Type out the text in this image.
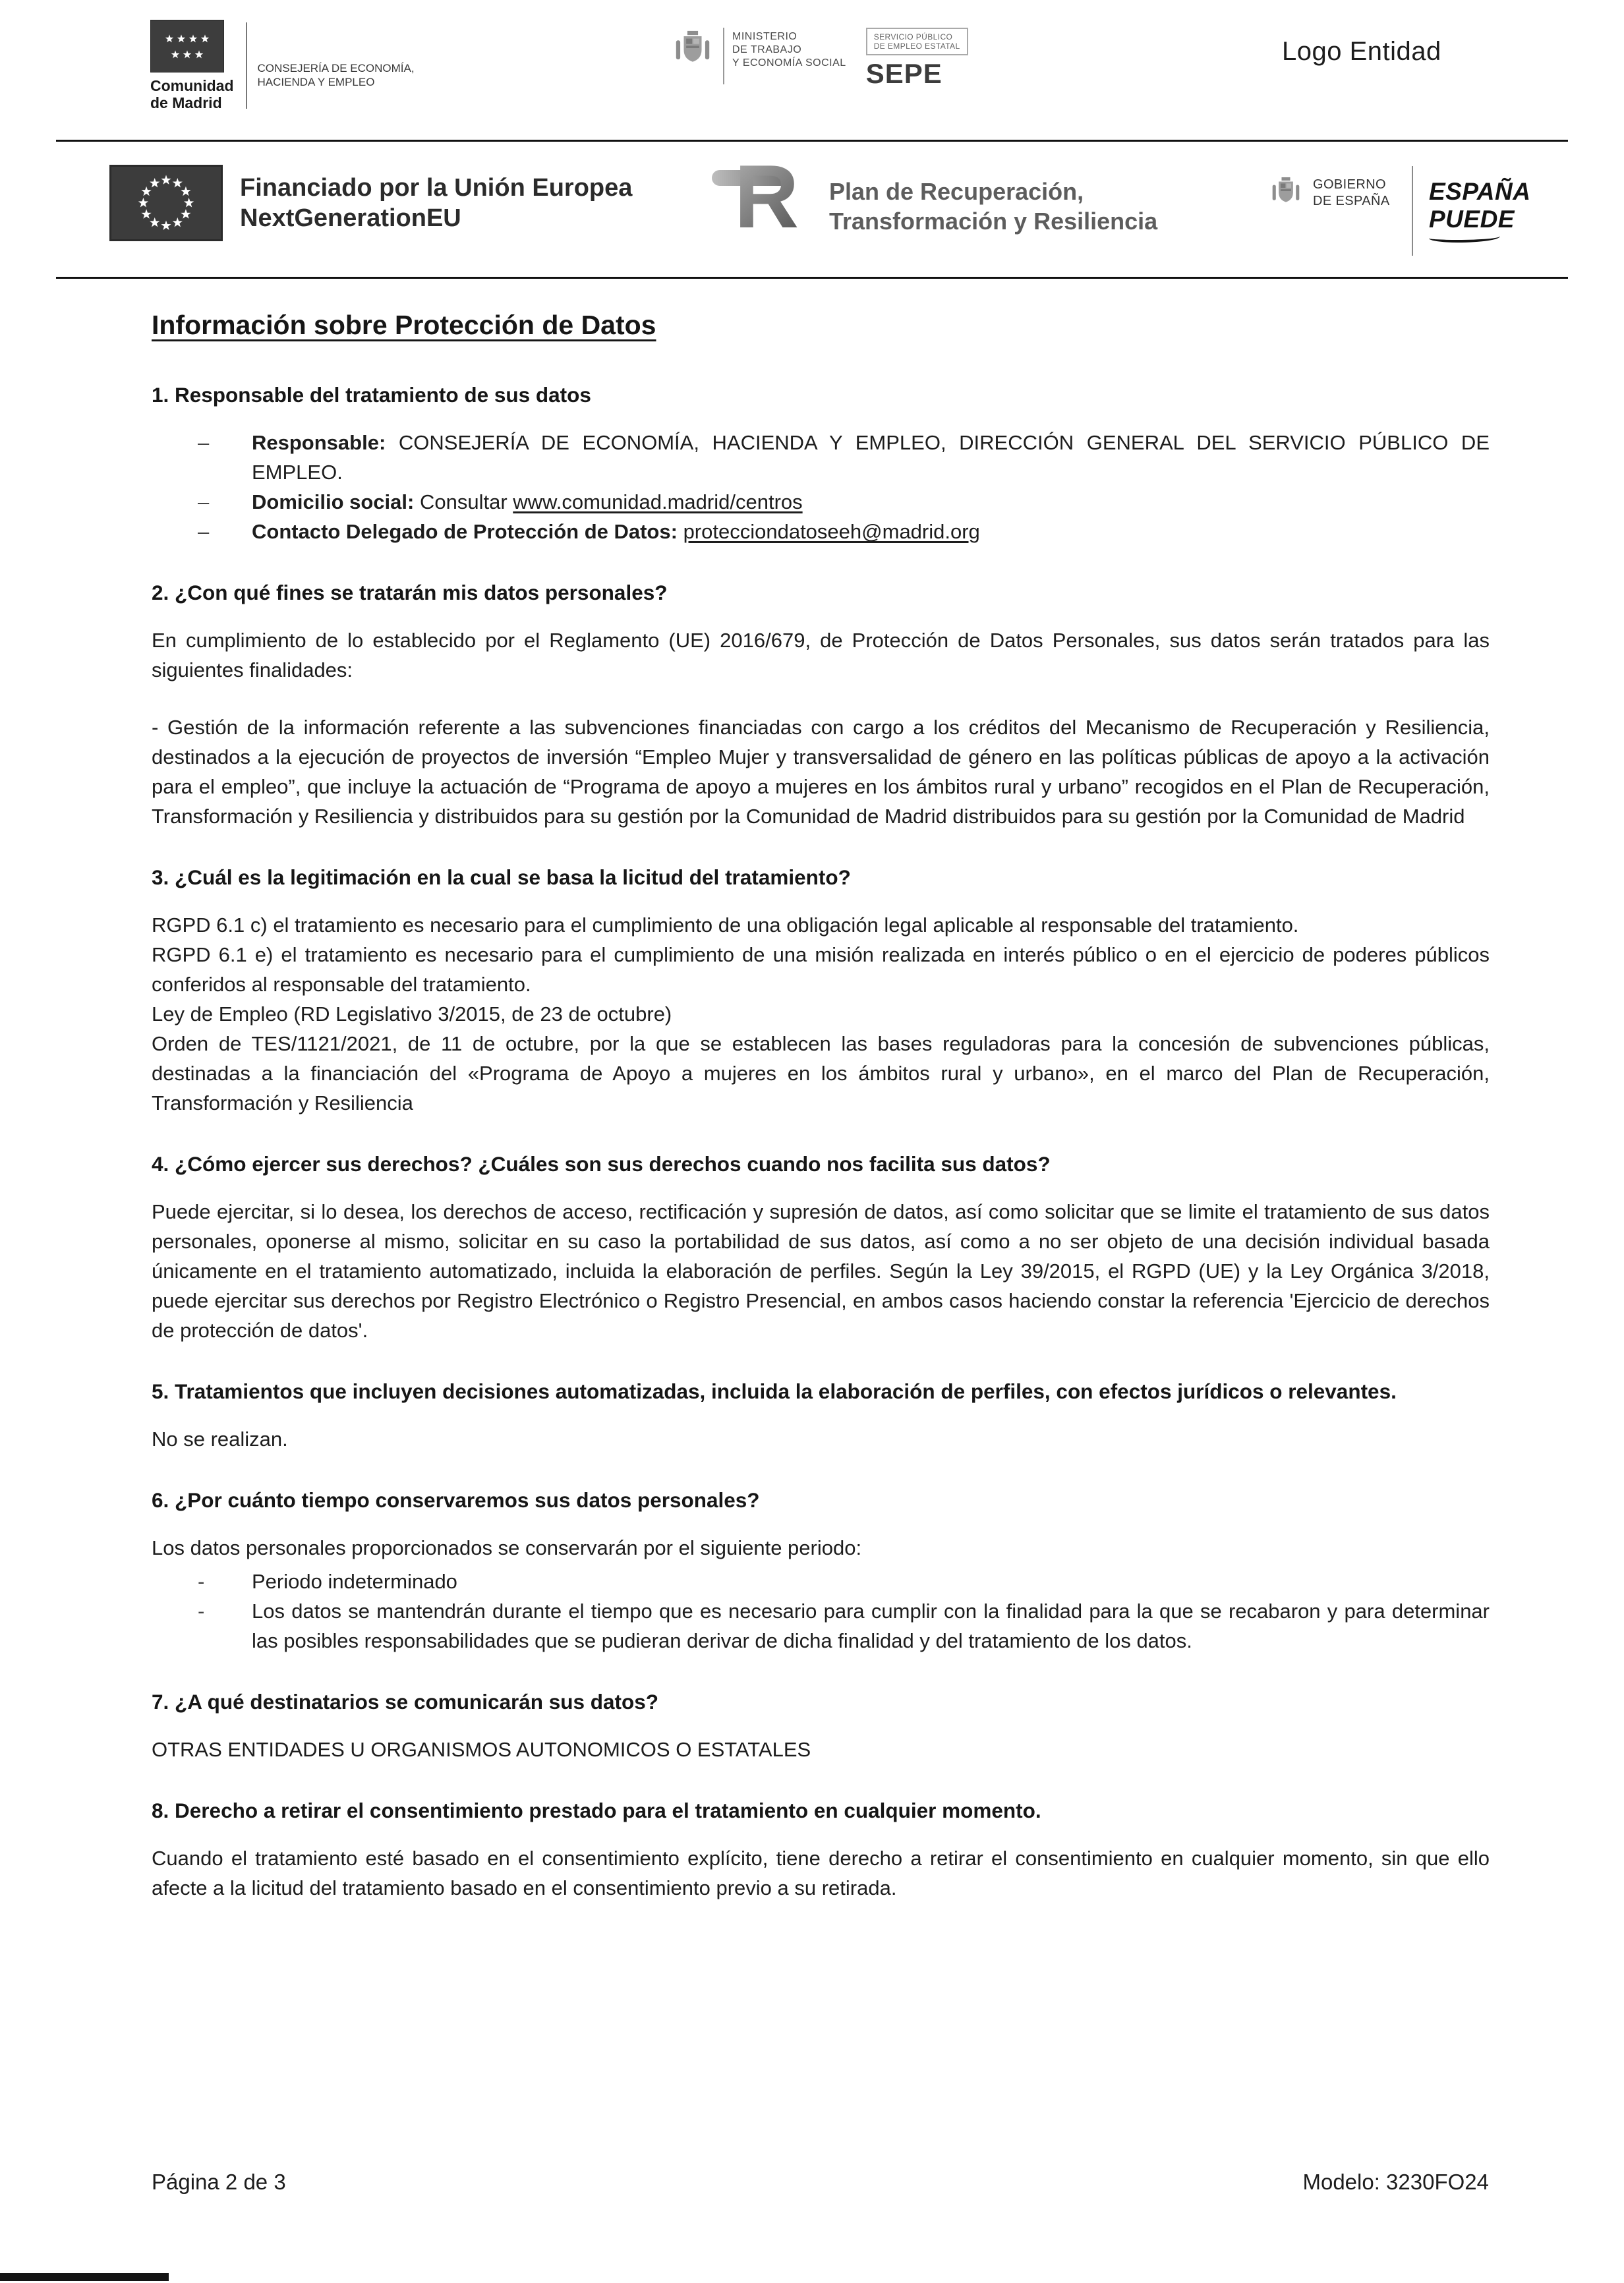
Comunidad
de Madrid
CONSEJERÍA DE ECONOMÍA,
HACIENDA Y EMPLEO
MINISTERIO
DE TRABAJO
Y ECONOMÍA SOCIAL
SERVICIO PÚBLICO
DE EMPLEO ESTATAL
SEPE
Logo Entidad
Financiado por la Unión Europea
NextGenerationEU	R Plan de Recuperación,
Transformación y Resiliencia
GOBIERNO
DE ESPAÑA ESPAÑA
PUEDE
Información sobre Protección de Datos
1. Responsable del tratamiento de sus datos
– Responsable: CONSEJERÍA DE ECONOMÍA, HACIENDA Y EMPLEO, DIRECCIÓN GENERAL DEL SERVICIO PÚBLICO DE EMPLEO.
– Domicilio social: Consultar www.comunidad.madrid/centros
– Contacto Delegado de Protección de Datos: protecciondatoseeh@madrid.org
2. ¿Con qué fines se tratarán mis datos personales?

En cumplimiento de lo establecido por el Reglamento (UE) 2016/679, de Protección de Datos Personales, sus datos serán tratados para las siguientes finalidades:

- Gestión de la información referente a las subvenciones financiadas con cargo a los créditos del Mecanismo de Recuperación y Resiliencia, destinados a la ejecución de proyectos de inversión “Empleo Mujer y transversalidad de género en las políticas públicas de apoyo a la activación para el empleo”, que incluye la actuación de “Programa de apoyo a mujeres en los ámbitos rural y urbano” recogidos en el Plan de Recuperación, Transformación y Resiliencia y distribuidos para su gestión por la Comunidad de Madrid distribuidos para su gestión por la Comunidad de Madrid

3. ¿Cuál es la legitimación en la cual se basa la licitud del tratamiento?

RGPD 6.1 c) el tratamiento es necesario para el cumplimiento de una obligación legal aplicable al responsable del tratamiento.

RGPD 6.1 e) el tratamiento es necesario para el cumplimiento de una misión realizada en interés público o en el ejercicio de poderes públicos conferidos al responsable del tratamiento.

Ley de Empleo (RD Legislativo 3/2015, de 23 de octubre)

Orden de TES/1121/2021, de 11 de octubre, por la que se establecen las bases reguladoras para la concesión de subvenciones públicas, destinadas a la financiación del «Programa de Apoyo a mujeres en los ámbitos rural y urbano», en el marco del Plan de Recuperación, Transformación y Resiliencia

4. ¿Cómo ejercer sus derechos? ¿Cuáles son sus derechos cuando nos facilita sus datos?

Puede ejercitar, si lo desea, los derechos de acceso, rectificación y supresión de datos, así como solicitar que se limite el tratamiento de sus datos personales, oponerse al mismo, solicitar en su caso la portabilidad de sus datos, así como a no ser objeto de una decisión individual basada únicamente en el tratamiento automatizado, incluida la elaboración de perfiles. Según la Ley 39/2015, el RGPD (UE) y la Ley Orgánica 3/2018, puede ejercitar sus derechos por Registro Electrónico o Registro Presencial, en ambos casos haciendo constar la referencia 'Ejercicio de derechos de protección de datos'.

5. Tratamientos que incluyen decisiones automatizadas, incluida la elaboración de perfiles, con efectos jurídicos o relevantes.

No se realizan.

6. ¿Por cuánto tiempo conservaremos sus datos personales?

Los datos personales proporcionados se conservarán por el siguiente periodo:

- Periodo indeterminado
- Los datos se mantendrán durante el tiempo que es necesario para cumplir con la finalidad para la que se recabaron y para determinar las posibles responsabilidades que se pudieran derivar de dicha finalidad y del tratamiento de los datos.
7. ¿A qué destinatarios se comunicarán sus datos?

OTRAS ENTIDADES U ORGANISMOS AUTONOMICOS O ESTATALES

8. Derecho a retirar el consentimiento prestado para el tratamiento en cualquier momento.

Cuando el tratamiento esté basado en el consentimiento explícito, tiene derecho a retirar el consentimiento en cualquier momento, sin que ello afecte a la licitud del tratamiento basado en el consentimiento previo a su retirada.

Página 2 de 3	Modelo: 3230FO24
